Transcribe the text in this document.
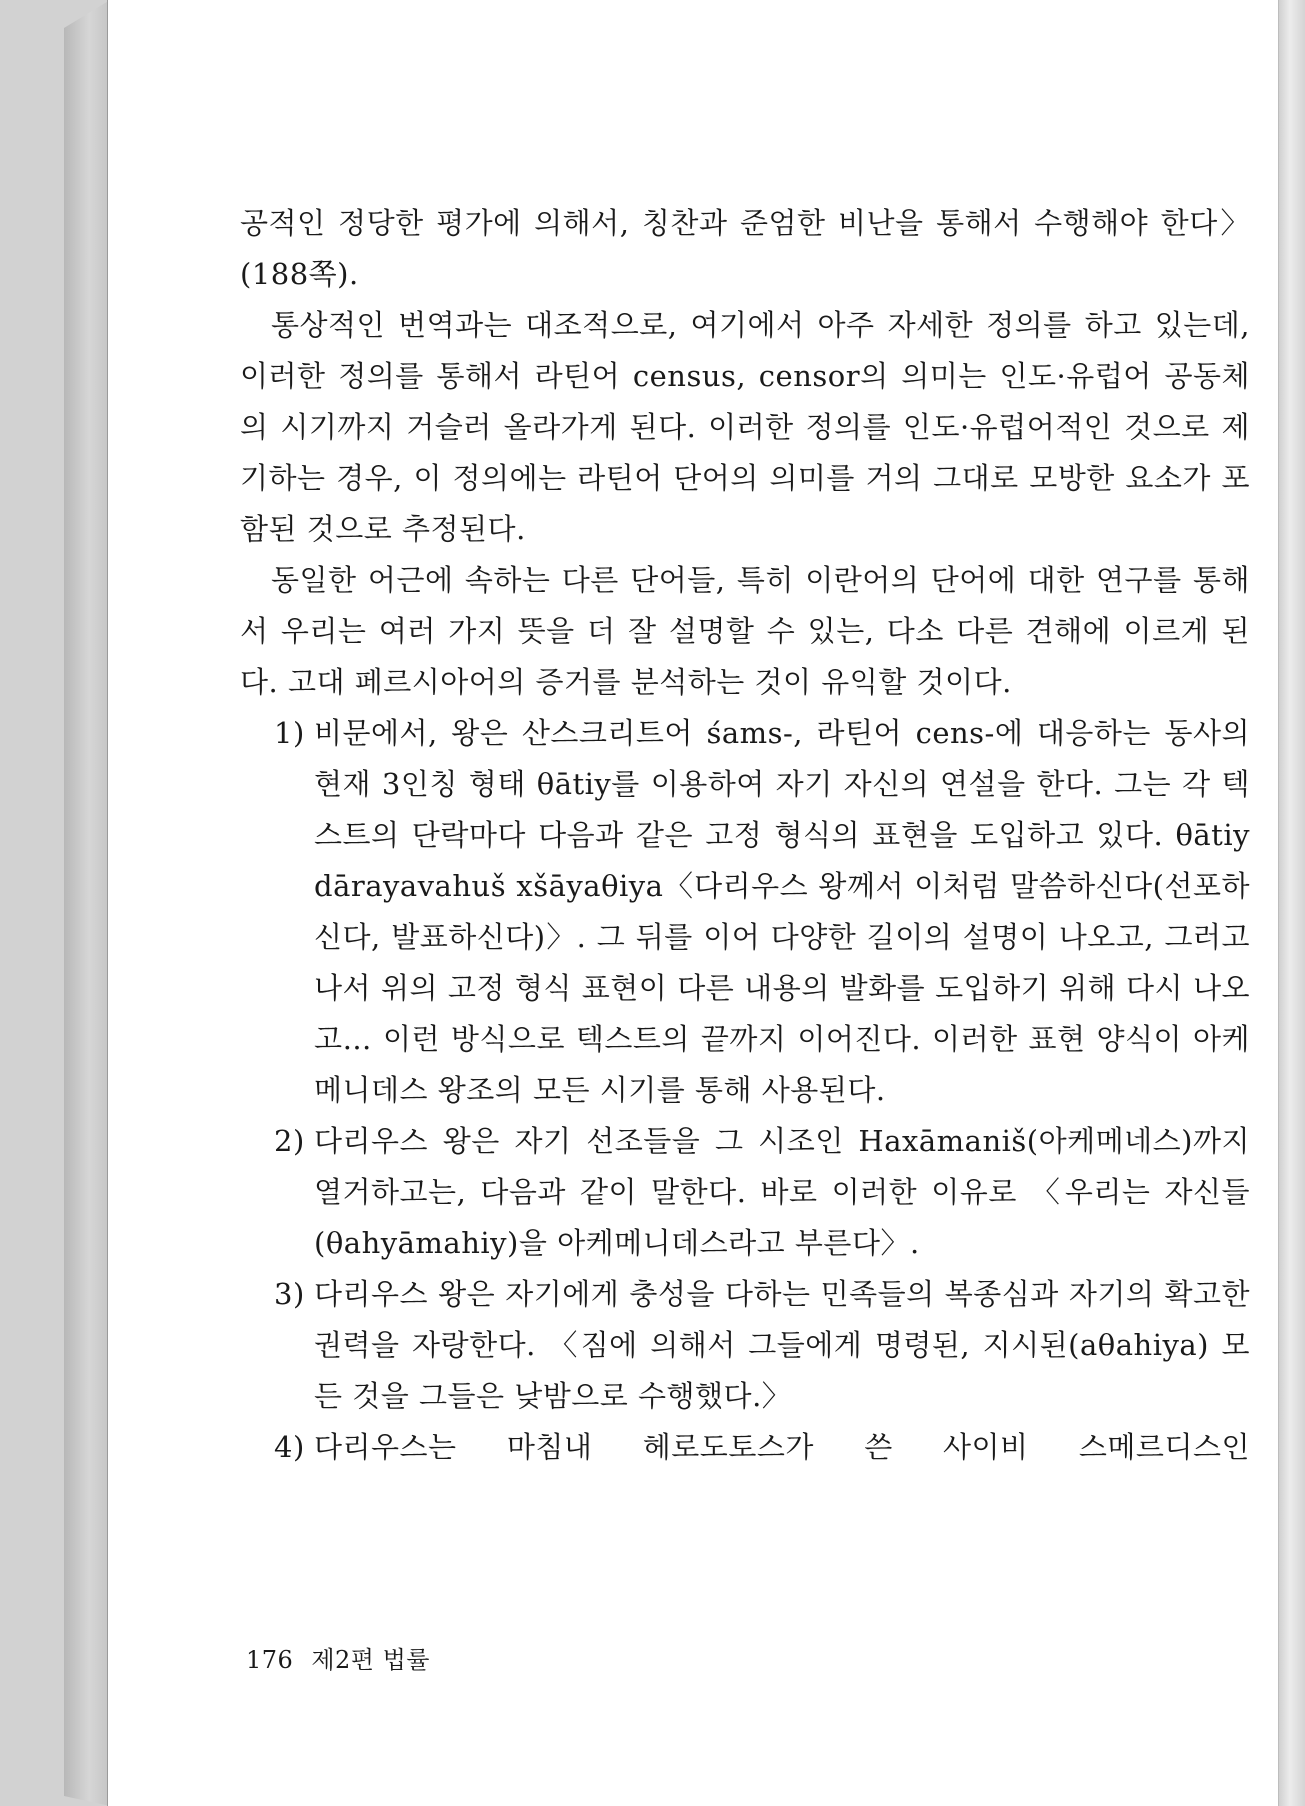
공적인 정당한 평가에 의해서, 칭찬과 준엄한 비난을 통해서 수행해야 한다〉(188쪽).

통상적인 번역과는 대조적으로, 여기에서 아주 자세한 정의를 하고 있는데, 이러한 정의를 통해서 라틴어 census, censor의 의미는 인도·유럽어 공동체의 시기까지 거슬러 올라가게 된다. 이러한 정의를 인도·유럽어적인 것으로 제기하는 경우, 이 정의에는 라틴어 단어의 의미를 거의 그대로 모방한 요소가 포함된 것으로 추정된다.

동일한 어근에 속하는 다른 단어들, 특히 이란어의 단어에 대한 연구를 통해서 우리는 여러 가지 뜻을 더 잘 설명할 수 있는, 다소 다른 견해에 이르게 된다. 고대 페르시아어의 증거를 분석하는 것이 유익할 것이다.

1) 비문에서, 왕은 산스크리트어 śams-, 라틴어 cens-에 대응하는 동사의 현재 3인칭 형태 θātiy를 이용하여 자기 자신의 연설을 한다. 그는 각 텍스트의 단락마다 다음과 같은 고정 형식의 표현을 도입하고 있다. θātiy dārayavahuš xšāyaθiya〈다리우스 왕께서 이처럼 말씀하신다(선포하신다, 발표하신다)〉. 그 뒤를 이어 다양한 길이의 설명이 나오고, 그러고 나서 위의 고정 형식 표현이 다른 내용의 발화를 도입하기 위해 다시 나오고… 이런 방식으로 텍스트의 끝까지 이어진다. 이러한 표현 양식이 아케메니데스 왕조의 모든 시기를 통해 사용된다.
2) 다리우스 왕은 자기 선조들을 그 시조인 Haxāmaniš(아케메네스)까지 열거하고는, 다음과 같이 말한다. 바로 이러한 이유로 〈우리는 자신들(θahyāmahiy)을 아케메니데스라고 부른다〉.
3) 다리우스 왕은 자기에게 충성을 다하는 민족들의 복종심과 자기의 확고한 권력을 자랑한다. 〈짐에 의해서 그들에게 명령된, 지시된(aθahiya) 모든 것을 그들은 낮밤으로 수행했다.〉
4) 다리우스는 마침내 헤로도토스가 쓴 사이비 스메르디스인
176 제2편 법률
